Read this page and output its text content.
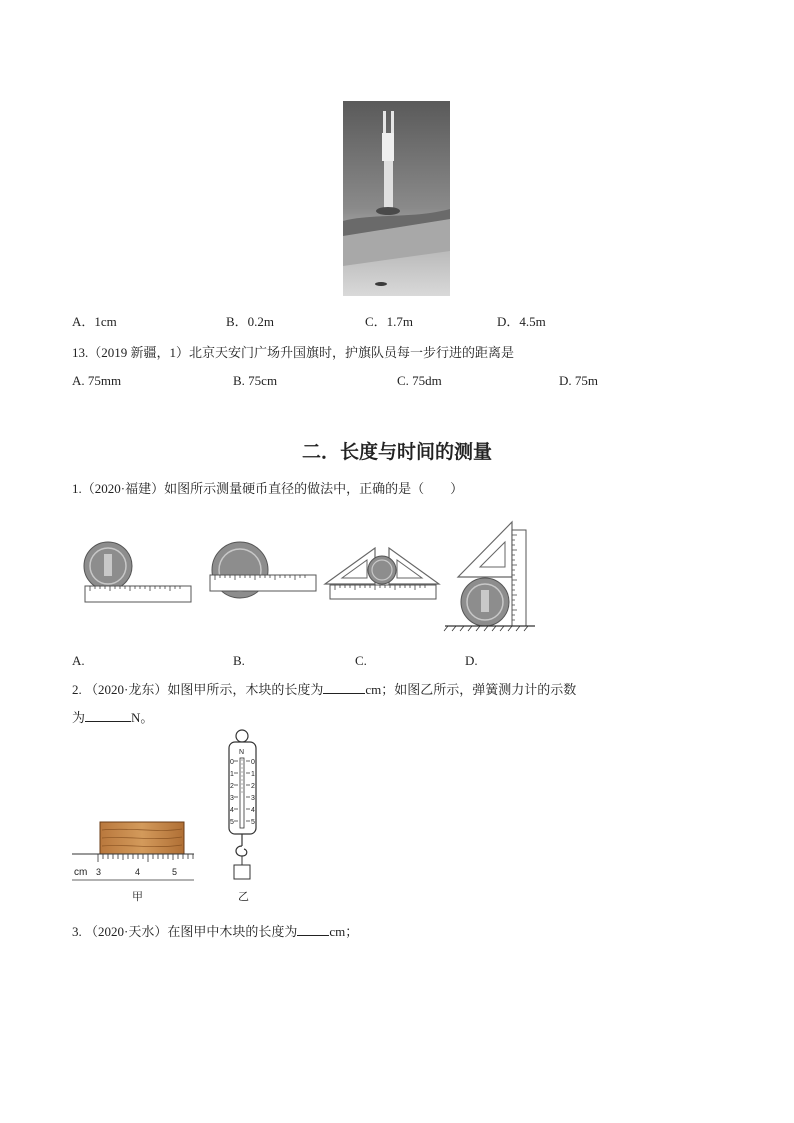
A．1cm	B．0.2m	C．1.7m	D．4.5m
13.（2019 新疆，1）北京天安门广场升国旗时，护旗队员每一步行进的距离是
A. 75mm	B. 75cm	C. 75dm	D. 75m
二．长度与时间的测量
1.（2020·福建）如图所示测量硬币直径的做法中，正确的是（　　）
A.	B.	C.	D.
2. （2020·龙东）如图甲所示，木块的长度为	cm；如图乙所示，弹簧测力计的示数
为	N。
cm 3	4	5
甲
N
0
1
2
3
4
5
0
1
2
3
4
5
乙
3. （2020·天水）在图甲中木块的长度为 cm；
